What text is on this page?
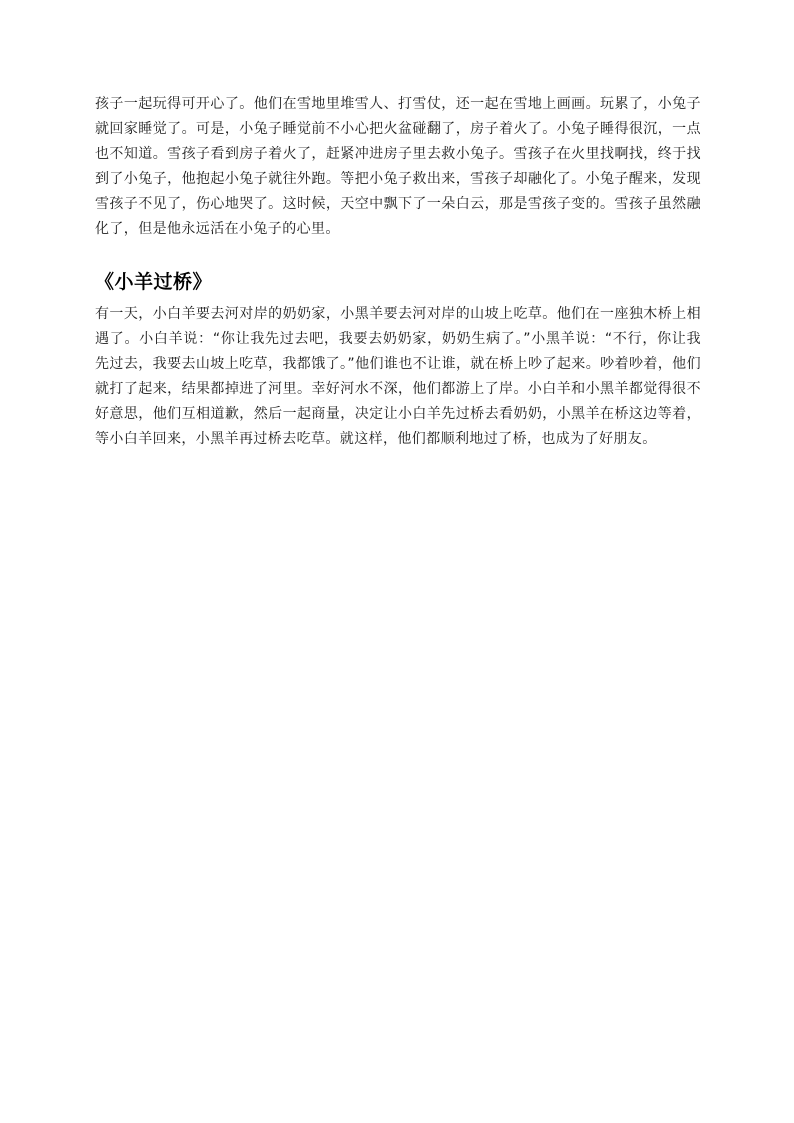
孩子一起玩得可开心了。他们在雪地里堆雪人、打雪仗，还一起在雪地上画画。玩累了，小兔子就回家睡觉了。可是，小兔子睡觉前不小心把火盆碰翻了，房子着火了。小兔子睡得很沉，一点也不知道。雪孩子看到房子着火了，赶紧冲进房子里去救小兔子。雪孩子在火里找啊找，终于找到了小兔子，他抱起小兔子就往外跑。等把小兔子救出来，雪孩子却融化了。小兔子醒来，发现雪孩子不见了，伤心地哭了。这时候，天空中飘下了一朵白云，那是雪孩子变的。雪孩子虽然融化了，但是他永远活在小兔子的心里。

《小羊过桥》

有一天，小白羊要去河对岸的奶奶家，小黑羊要去河对岸的山坡上吃草。他们在一座独木桥上相遇了。小白羊说：“你让我先过去吧，我要去奶奶家，奶奶生病了。”小黑羊说：“不行，你让我先过去，我要去山坡上吃草，我都饿了。”他们谁也不让谁，就在桥上吵了起来。吵着吵着，他们就打了起来，结果都掉进了河里。幸好河水不深，他们都游上了岸。小白羊和小黑羊都觉得很不好意思，他们互相道歉，然后一起商量，决定让小白羊先过桥去看奶奶，小黑羊在桥这边等着，等小白羊回来，小黑羊再过桥去吃草。就这样，他们都顺利地过了桥，也成为了好朋友。
